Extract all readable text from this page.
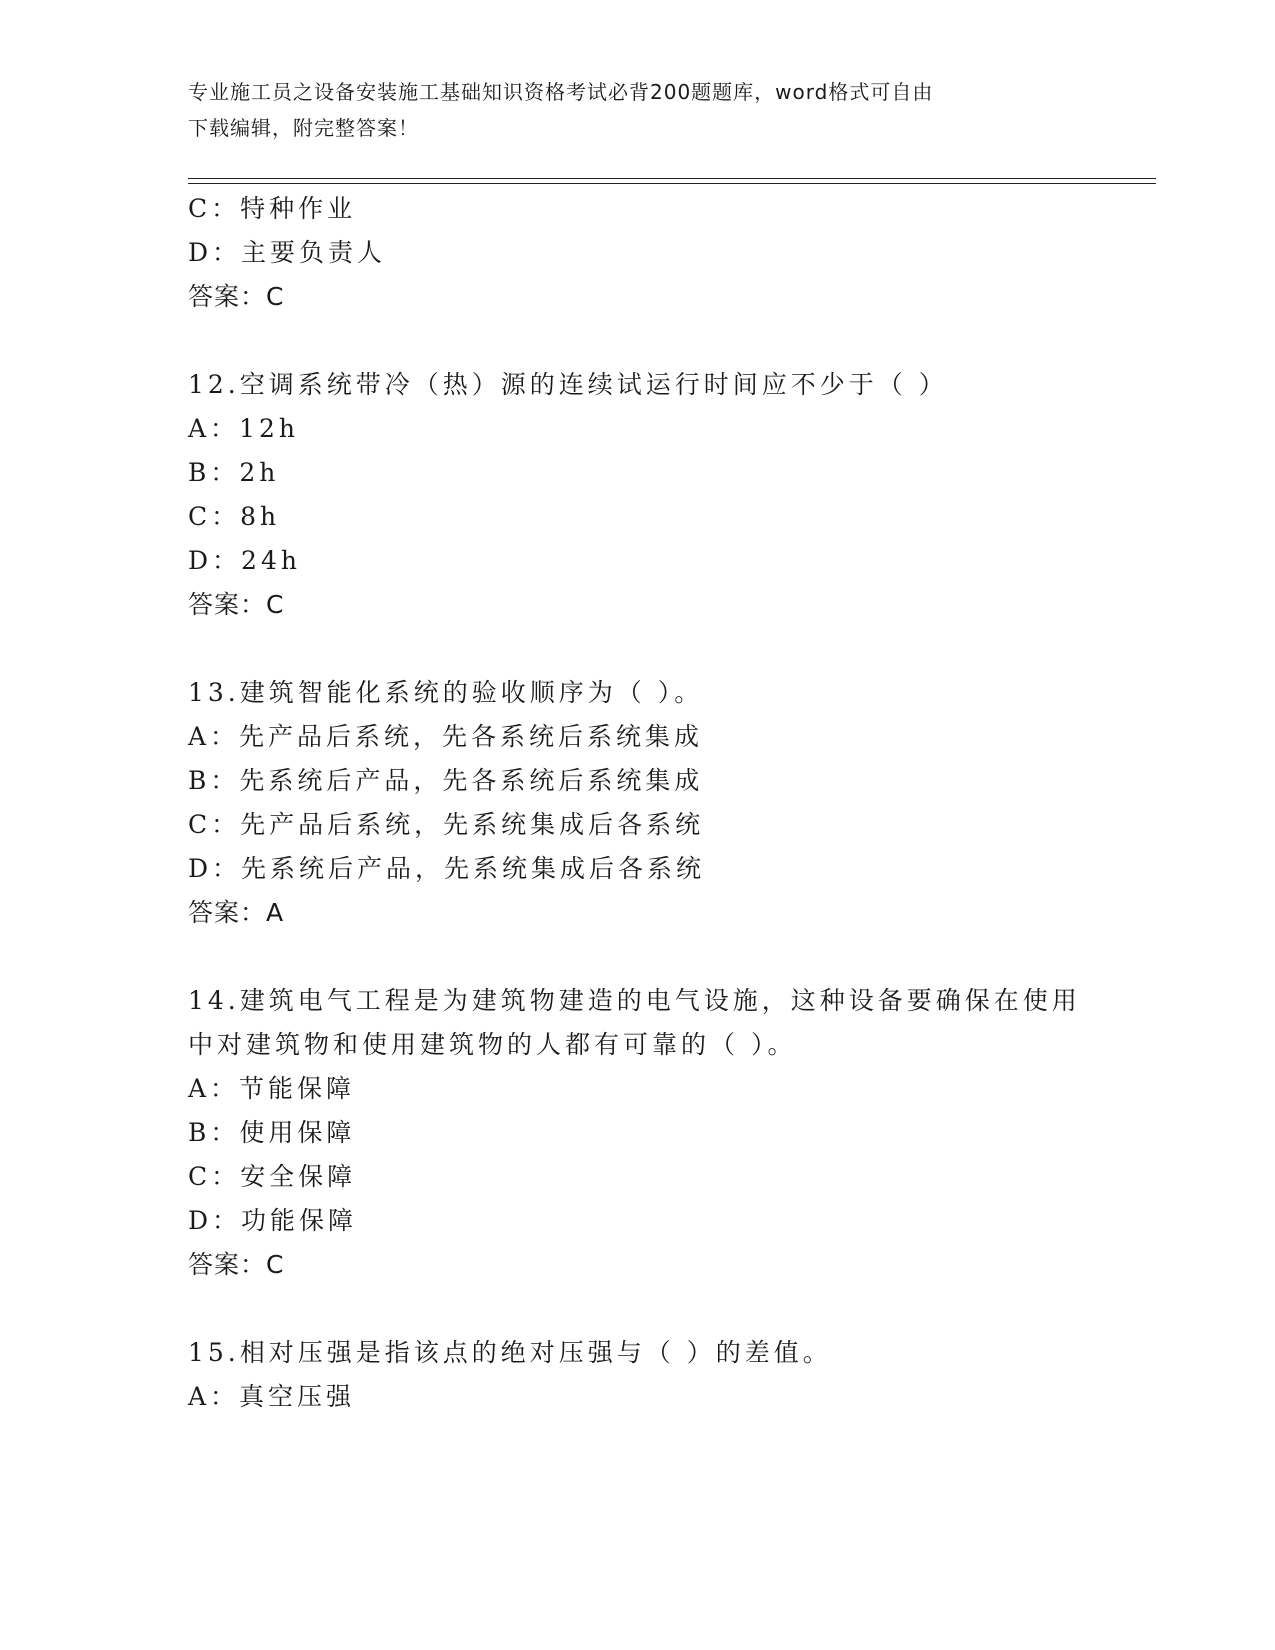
专业施工员之设备安装施工基础知识资格考试必背200题题库，word格式可自由
下载编辑，附完整答案！
C：特种作业
D：主要负责人
答案：C
12.空调系统带冷（热）源的连续试运行时间应不少于（ ）
A：12h
B：2h
C：8h
D：24h
答案：C
13.建筑智能化系统的验收顺序为（ ）。
A：先产品后系统，先各系统后系统集成
B：先系统后产品，先各系统后系统集成
C：先产品后系统，先系统集成后各系统
D：先系统后产品，先系统集成后各系统
答案：A
14.建筑电气工程是为建筑物建造的电气设施，这种设备要确保在使用
中对建筑物和使用建筑物的人都有可靠的（ ）。
A：节能保障
B：使用保障
C：安全保障
D：功能保障
答案：C
15.相对压强是指该点的绝对压强与（ ）的差值。
A：真空压强
